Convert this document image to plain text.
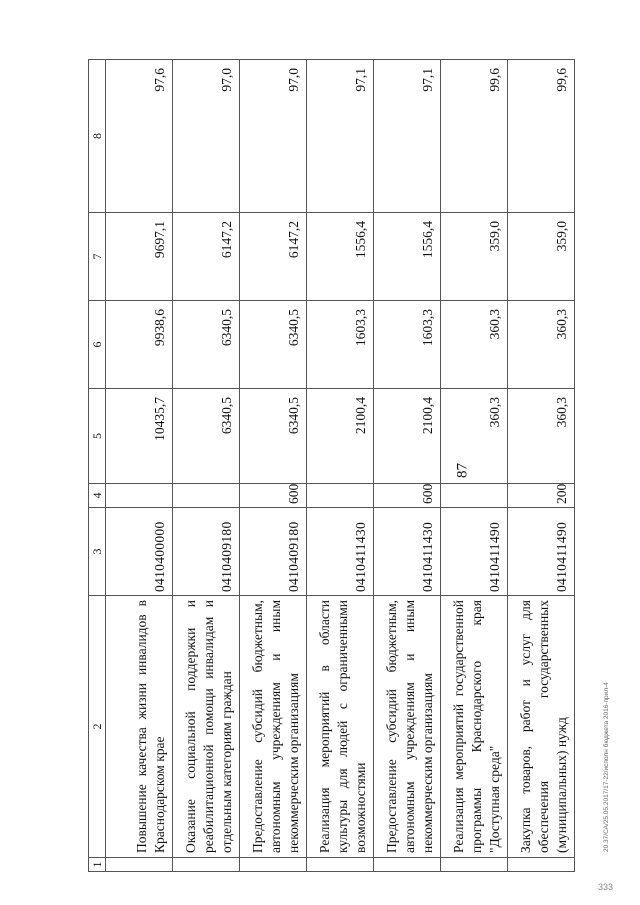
87
1	2	3	4	5	6	7	8
	Повышение качества жизни инвалидов в Краснодарском крае	0410400000		10435,7	9938,6	9697,1	97,6
	Оказание социальной поддержки и реабилитационной помощи инвалидам и отдельным категориям граждан	0410409180		6340,5	6340,5	6147,2	97,0
	Предоставление субсидий бюджетным, автономным учреждениям и иным некоммерческим организациям	0410409180	600	6340,5	6340,5	6147,2	97,0
	Реализация мероприятий в области культуры для людей с ограниченными возможностями	0410411430		2100,4	1603,3	1556,4	97,1
	Предоставление субсидий бюджетным, автономным учреждениям и иным некоммерческим организациям	0410411430	600	2100,4	1603,3	1556,4	97,1
	Реализация мероприятий государственной программы Краснодарского края "Доступная среда"	0410411490		360,3	360,3	359,0	99,6
	Закупка товаров, работ и услуг для обеспечения государственных (муниципальных) нужд	0410411490	200	360,3	360,3	359,0	99,6
20.37/СА/25.05.2017/17-22/исполн бюджета 2016-прил-4
333
